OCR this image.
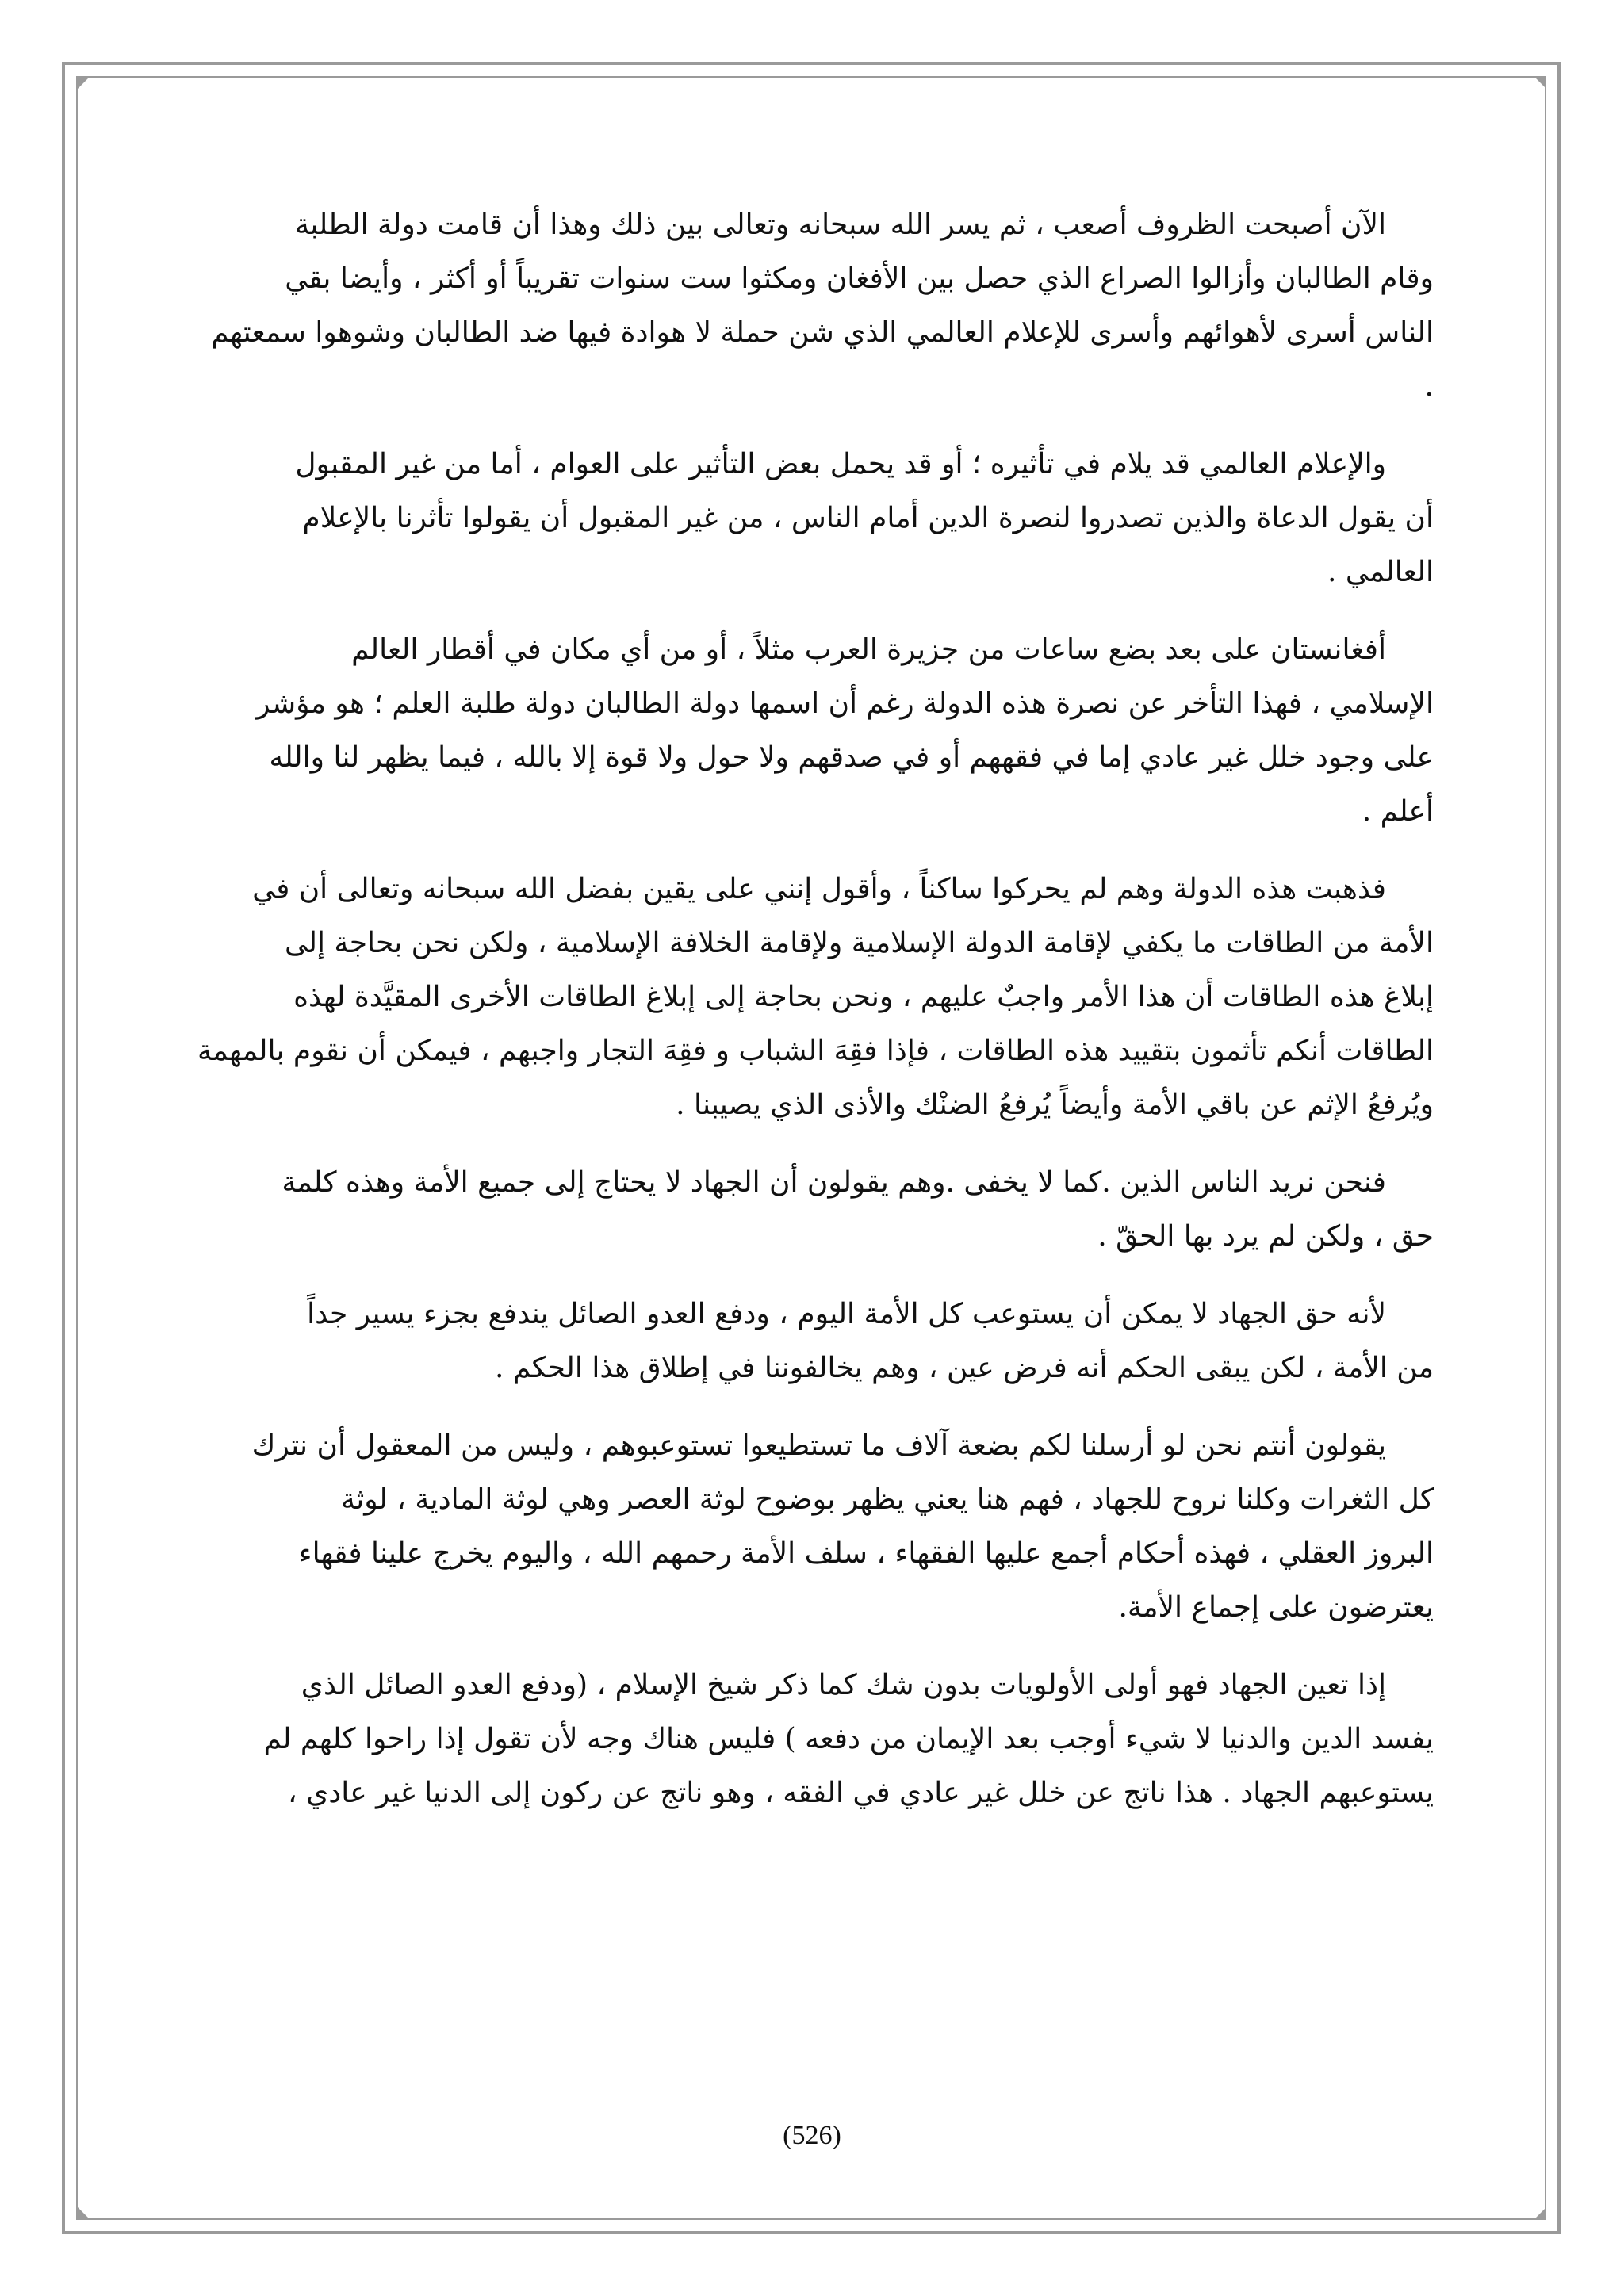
الآن أصبحت الظروف أصعب ، ثم يسر الله سبحانه وتعالى بين ذلك وهذا أن قامت دولة الطلبة
وقام الطالبان وأزالوا الصراع الذي حصل بين الأفغان ومكثوا ست سنوات تقريباً أو أكثر ، وأيضا بقي
الناس أسرى لأهوائهم وأسرى للإعلام العالمي الذي شن حملة لا هوادة فيها ضد الطالبان وشوهوا سمعتهم
.

والإعلام العالمي قد يلام في تأثيره ؛ أو قد يحمل بعض التأثير على العوام ، أما من غير المقبول
أن يقول الدعاة والذين تصدروا لنصرة الدين أمام الناس ، من غير المقبول أن يقولوا تأثرنا بالإعلام
العالمي .

أفغانستان على بعد بضع ساعات من جزيرة العرب مثلاً ، أو من أي مكان في أقطار العالم
الإسلامي ، فهذا التأخر عن نصرة هذه الدولة رغم أن اسمها دولة الطالبان دولة طلبة العلم ؛ هو مؤشر
على وجود خلل غير عادي إما في فقههم أو في صدقهم ولا حول ولا قوة إلا بالله ، فيما يظهر لنا والله
أعلم .

فذهبت هذه الدولة وهم لم يحركوا ساكناً ، وأقول إنني على يقين بفضل الله سبحانه وتعالى أن في
الأمة من الطاقات ما يكفي لإقامة الدولة الإسلامية ولإقامة الخلافة الإسلامية ، ولكن نحن بحاجة إلى
إبلاغ هذه الطاقات أن هذا الأمر واجبٌ عليهم ، ونحن بحاجة إلى إبلاغ الطاقات الأخرى المقيَّدة لهذه
الطاقات أنكم تأثمون بتقييد هذه الطاقات ، فإذا فقِهَ الشباب و فقِهَ التجار واجبهم ، فيمكن أن نقوم بالمهمة
ويُرفعُ الإثم عن باقي الأمة وأيضاً يُرفعُ الضنْك والأذى الذي يصيبنا .

فنحن نريد الناس الذين .كما لا يخفى .وهم يقولون أن الجهاد لا يحتاج إلى جميع الأمة وهذه كلمة
حق ، ولكن لم يرد بها الحقّ .

لأنه حق الجهاد لا يمكن أن يستوعب كل الأمة اليوم ، ودفع العدو الصائل يندفع بجزء يسير جداً
من الأمة ، لكن يبقى الحكم أنه فرض عين ، وهم يخالفوننا في إطلاق هذا الحكم .

يقولون أنتم نحن لو أرسلنا لكم بضعة آلاف ما تستطيعوا تستوعبوهم ، وليس من المعقول أن نترك
كل الثغرات وكلنا نروح للجهاد ، فهم هنا يعني يظهر بوضوح لوثة العصر وهي لوثة المادية ، لوثة
البروز العقلي ، فهذه أحكام أجمع عليها الفقهاء ، سلف الأمة رحمهم الله ، واليوم يخرج علينا فقهاء
يعترضون على إجماع الأمة.

إذا تعين الجهاد فهو أولى الأولويات بدون شك كما ذكر شيخ الإسلام ، (ودفع العدو الصائل الذي
يفسد الدين والدنيا لا شيء أوجب بعد الإيمان من دفعه ) فليس هناك وجه لأن تقول إذا راحوا كلهم لم
يستوعبهم الجهاد . هذا ناتج عن خلل غير عادي في الفقه ، وهو ناتج عن ركون إلى الدنيا غير عادي ،

(526)
